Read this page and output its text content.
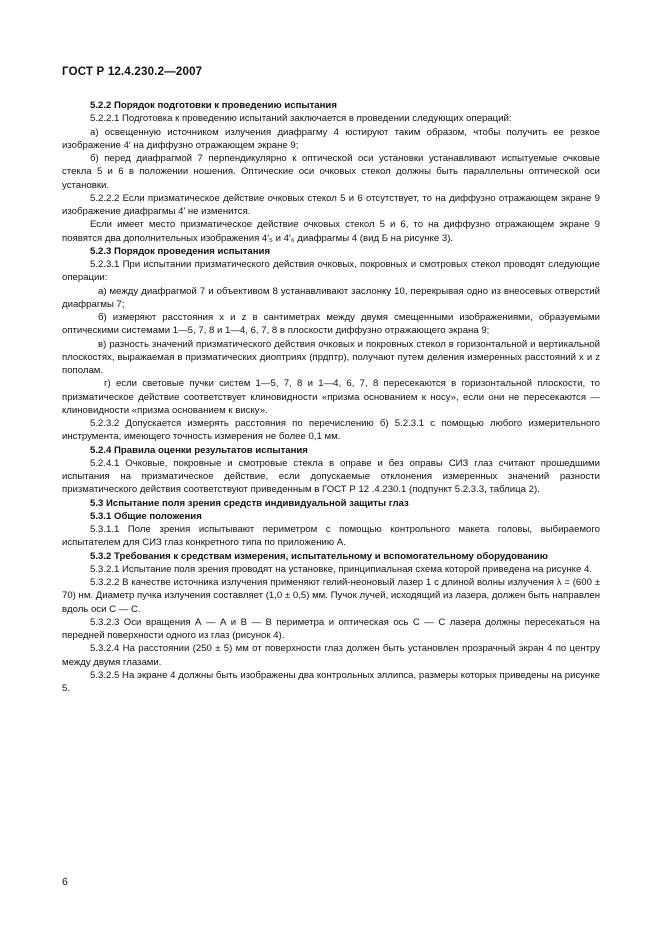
ГОСТ Р 12.4.230.2—2007

5.2.2 Порядок подготовки к проведению испытания

5.2.2.1 Подготовка к проведению испытаний заключается в проведении следующих операций:

а) освещенную источником излучения диафрагму 4 юстируют таким образом, чтобы получить ее резкое изображение 4′ на диффузно отражающем экране 9;

б) перед диафрагмой 7 перпендикулярно к оптической оси установки устанавливают испытуемые очковые стекла 5 и 6 в положении ношения. Оптические оси очковых стекол должны быть параллельны оптической оси установки.

5.2.2.2 Если призматическое действие очковых стекол 5 и 6 отсутствует, то на диффузно отражающем экране 9 изображение диафрагмы 4′ не изменится.

Если имеет место призматическое действие очковых стекол 5 и 6, то на диффузно отражающем экране 9 появятся два дополнительных изображения 4′₅ и 4′₆ диафрагмы 4 (вид Б на рисунке 3).

5.2.3 Порядок проведения испытания

5.2.3.1 При испытании призматического действия очковых, покровных и смотровых стекол проводят следующие операции:

а) между диафрагмой 7 и объективом 8 устанавливают заслонку 10, перекрывая одно из внеосевых отверстий диафрагмы 7;

б) измеряют расстояния x и z в сантиметрах между двумя смещенными изображениями, образуемыми оптическими системами 1—5, 7, 8 и 1—4, 6, 7, 8 в плоскости диффузно отражающего экрана 9;

в) разность значений призматического действия очковых и покровных стекол в горизонтальной и вертикальной плоскостях, выражаемая в призматических диоптриях (прдптр), получают путем деления измеренных расстояний x и z пополам.

г) если световые пучки систем 1—5, 7, 8 и 1—4, 6, 7, 8 пересекаются в горизонтальной плоскости, то призматическое действие соответствует клиновидности «призма основанием к носу», если они не пересекаются — клиновидности «призма основанием к виску».

5.2.3.2 Допускается измерять расстояния по перечислению б) 5.2.3.1 с помощью любого измерительного инструмента, имеющего точность измерения не более 0,1 мм.

5.2.4 Правила оценки результатов испытания

5.2.4.1 Очковые, покровные и смотровые стекла в оправе и без оправы СИЗ глаз считают прошедшими испытания на призматическое действие, если допускаемые отклонения измеренных значений разности призматического действия соответствуют приведенным в ГОСТ Р 12 .4.230.1 (подпункт 5.2.3.3, таблица 2).

5.3 Испытание поля зрения средств индивидуальной защиты глаз

5.3.1 Общие положения

5.3.1.1 Поле зрения испытывают периметром с помощью контрольного макета головы, выбираемого испытателем для СИЗ глаз конкретного типа по приложению А.

5.3.2 Требования к средствам измерения, испытательному и вспомогательному оборудованию

5.3.2.1 Испытание поля зрения проводят на установке, принципиальная схема которой приведена на рисунке 4.

5.3.2.2 В качестве источника излучения применяют гелий-неоновый лазер 1 с длиной волны излучения λ = (600 ± 70) нм. Диаметр пучка излучения составляет (1,0 ± 0,5) мм. Пучок лучей, исходящий из лазера, должен быть направлен вдоль оси С — С.

5.3.2.3 Оси вращения А — А и В — В периметра и оптическая ось С — С лазера должны пересекаться на передней поверхности одного из глаз (рисунок 4).

5.3.2.4 На расстоянии (250 ± 5) мм от поверхности глаз должен быть установлен прозрачный экран 4 по центру между двумя глазами.

5.3.2.5 На экране 4 должны быть изображены два контрольных эллипса, размеры которых приведены на рисунке 5.

6
